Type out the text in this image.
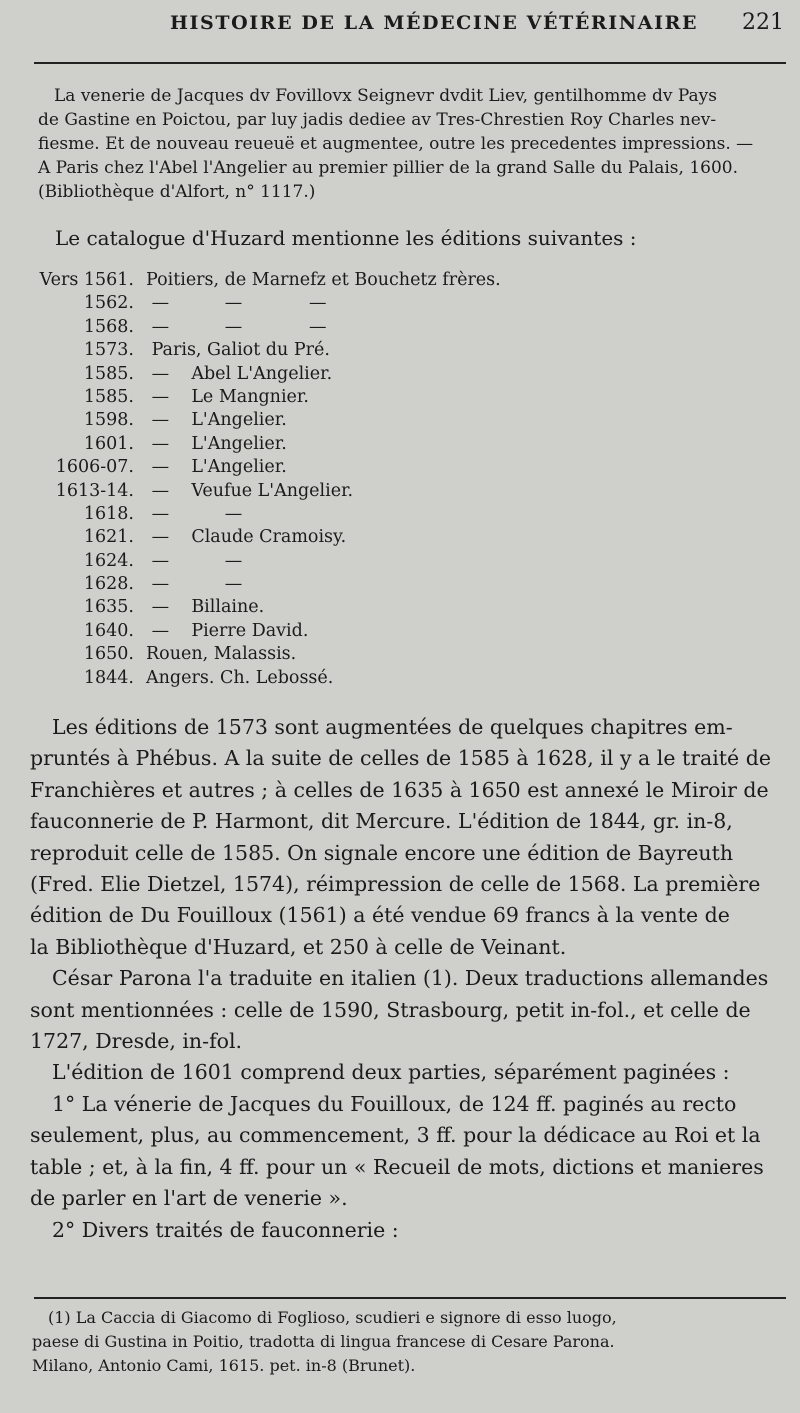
HISTOIRE DE LA MÉDECINE VÉTÉRINAIRE 221
La venerie de Jacques dv Fovillovx Seignevr dvdit Liev, gentilhomme dv Pays
de Gastine en Poictou, par luy jadis dediee av Tres-Chrestien Roy Charles nev-
fiesme. Et de nouveau reueuë et augmentee, outre les precedentes impressions. —
A Paris chez l'Abel l'Angelier au premier pillier de la grand Salle du Palais, 1600.
(Bibliothèque d'Alfort, n° 1117.)
Le catalogue d'Huzard mentionne les éditions suivantes :
Vers 1561. Poitiers, de Marnefz et Bouchetz frères.
1562. —          —            —
1568. —          —            —
1573. Paris, Galiot du Pré.
1585. —    Abel L'Angelier.
1585. —    Le Mangnier.
1598. —    L'Angelier.
1601. —    L'Angelier.
1606-07. —    L'Angelier.
1613-14. —    Veufue L'Angelier.
1618. —          —
1621. —    Claude Cramoisy.
1624. —          —
1628. —          —
1635. —    Billaine.
1640. —    Pierre David.
1650. Rouen, Malassis.
1844. Angers. Ch. Lebossé.

Les éditions de 1573 sont augmentées de quelques chapitres em-
pruntés à Phébus. A la suite de celles de 1585 à 1628, il y a le traité de
Franchières et autres ; à celles de 1635 à 1650 est annexé le Miroir de
fauconnerie de P. Harmont, dit Mercure. L'édition de 1844, gr. in-8,
reproduit celle de 1585. On signale encore une édition de Bayreuth
(Fred. Elie Dietzel, 1574), réimpression de celle de 1568. La première
édition de Du Fouilloux (1561) a été vendue 69 francs à la vente de
la Bibliothèque d'Huzard, et 250 à celle de Veinant.

César Parona l'a traduite en italien (1). Deux traductions allemandes
sont mentionnées : celle de 1590, Strasbourg, petit in-fol., et celle de
1727, Dresde, in-fol.

L'édition de 1601 comprend deux parties, séparément paginées :

1° La vénerie de Jacques du Fouilloux, de 124 ff. paginés au recto
seulement, plus, au commencement, 3 ff. pour la dédicace au Roi et la
table ; et, à la fin, 4 ff. pour un « Recueil de mots, dictions et manieres
de parler en l'art de venerie ».

2° Divers traités de fauconnerie :

(1) La Caccia di Giacomo di Foglioso, scudieri e signore di esso luogo,
paese di Gustina in Poitio, tradotta di lingua francese di Cesare Parona.
Milano, Antonio Cami, 1615. pet. in-8 (Brunet).
